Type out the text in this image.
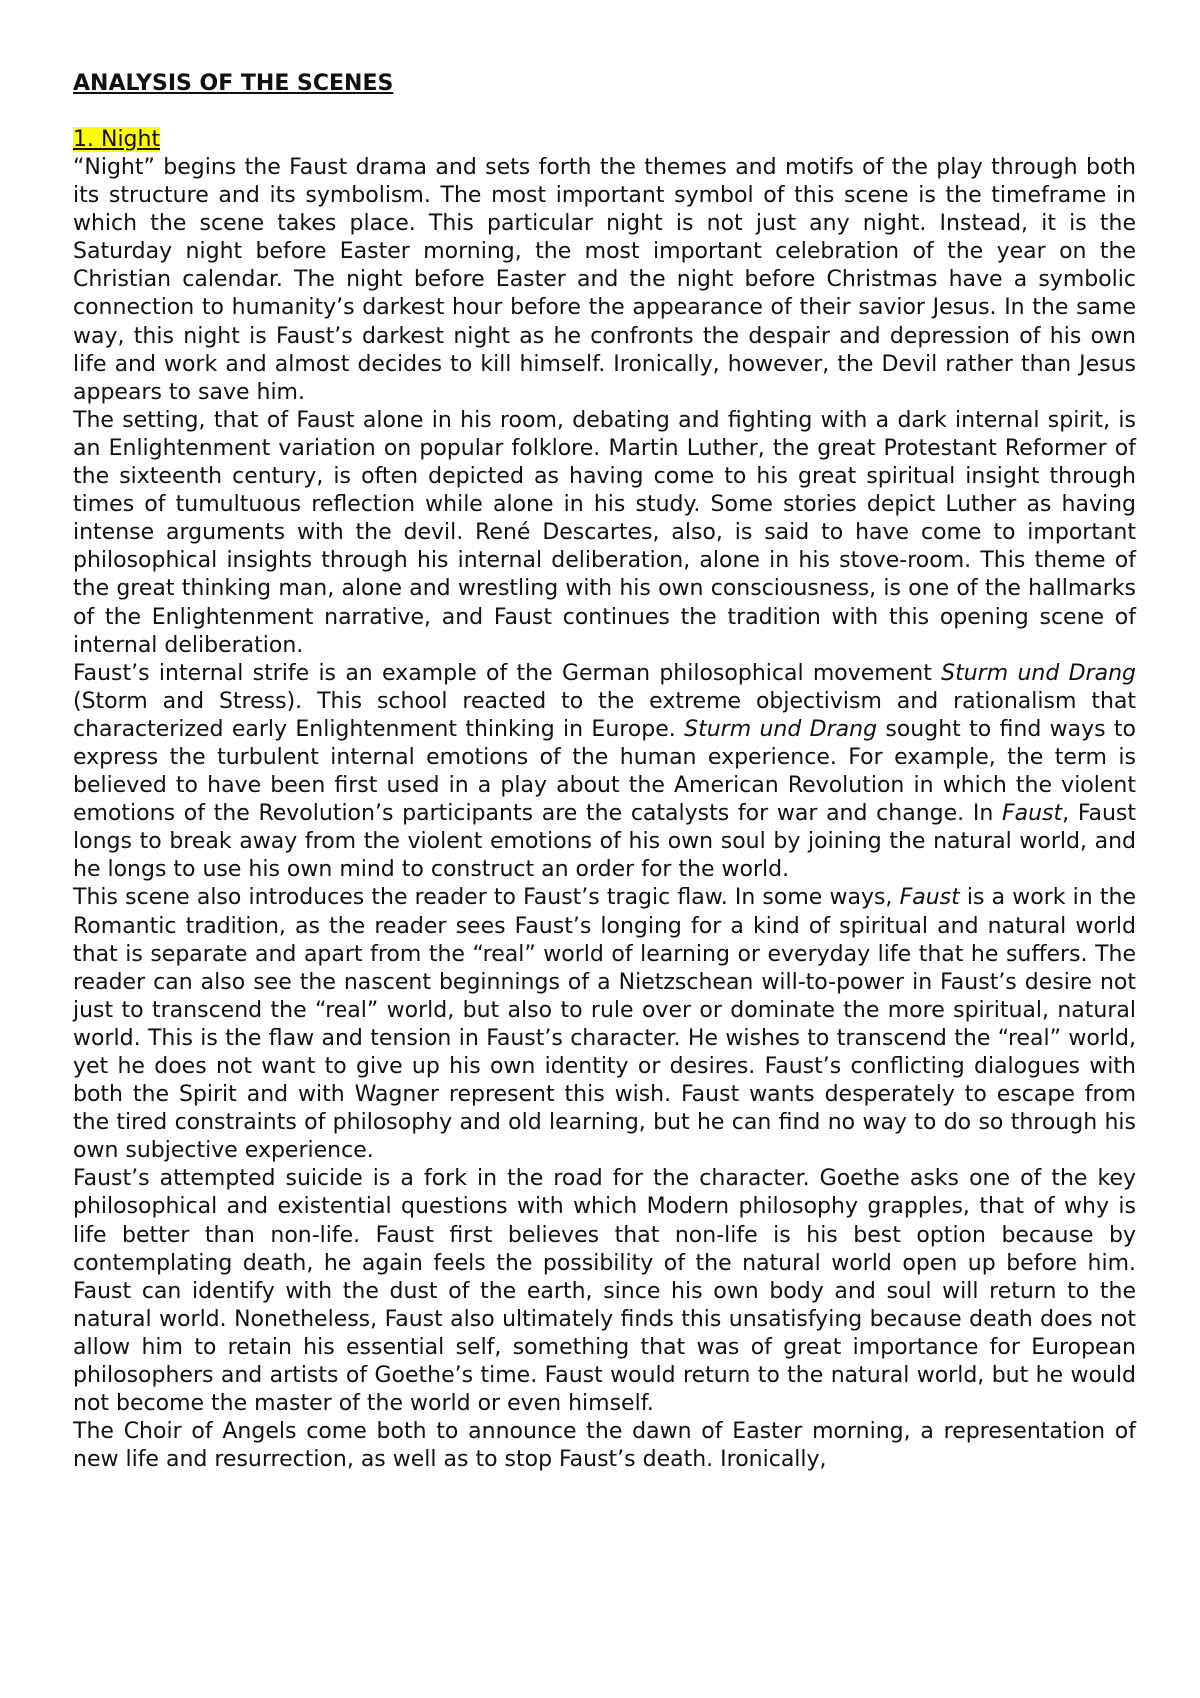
ANALYSIS OF THE SCENES
1. Night

“Night” begins the Faust drama and sets forth the themes and motifs of the play through both its structure and its symbolism. The most important symbol of this scene is the timeframe in which the scene takes place. This particular night is not just any night. Instead, it is the Saturday night before Easter morning, the most important celebration of the year on the Christian calendar. The night before Easter and the night before Christmas have a symbolic connection to humanity’s darkest hour before the appearance of their savior Jesus. In the same way, this night is Faust’s darkest night as he confronts the despair and depression of his own life and work and almost decides to kill himself. Ironically, however, the Devil rather than Jesus appears to save him.

The setting, that of Faust alone in his room, debating and fighting with a dark internal spirit, is an Enlightenment variation on popular folklore. Martin Luther, the great Protestant Reformer of the sixteenth century, is often depicted as having come to his great spiritual insight through times of tumultuous reflection while alone in his study. Some stories depict Luther as having intense arguments with the devil. René Descartes, also, is said to have come to important philosophical insights through his internal deliberation, alone in his stove-room. This theme of the great thinking man, alone and wrestling with his own consciousness, is one of the hallmarks of the Enlightenment narrative, and Faust continues the tradition with this opening scene of internal deliberation.

Faust’s internal strife is an example of the German philosophical movement Sturm und Drang (Storm and Stress). This school reacted to the extreme objectivism and rationalism that characterized early Enlightenment thinking in Europe. Sturm und Drang sought to find ways to express the turbulent internal emotions of the human experience. For example, the term is believed to have been first used in a play about the American Revolution in which the violent emotions of the Revolution’s participants are the catalysts for war and change. In Faust, Faust longs to break away from the violent emotions of his own soul by joining the natural world, and he longs to use his own mind to construct an order for the world.

This scene also introduces the reader to Faust’s tragic flaw. In some ways, Faust is a work in the Romantic tradition, as the reader sees Faust’s longing for a kind of spiritual and natural world that is separate and apart from the “real” world of learning or everyday life that he suffers. The reader can also see the nascent beginnings of a Nietzschean will-to-power in Faust’s desire not just to transcend the “real” world, but also to rule over or dominate the more spiritual, natural world. This is the flaw and tension in Faust’s character. He wishes to transcend the “real” world, yet he does not want to give up his own identity or desires. Faust’s conflicting dialogues with both the Spirit and with Wagner represent this wish. Faust wants desperately to escape from the tired constraints of philosophy and old learning, but he can find no way to do so through his own subjective experience.

Faust’s attempted suicide is a fork in the road for the character. Goethe asks one of the key philosophical and existential questions with which Modern philosophy grapples, that of why is life better than non-life. Faust first believes that non-life is his best option because by contemplating death, he again feels the possibility of the natural world open up before him. Faust can identify with the dust of the earth, since his own body and soul will return to the natural world. Nonetheless, Faust also ultimately finds this unsatisfying because death does not allow him to retain his essential self, something that was of great importance for European philosophers and artists of Goethe’s time. Faust would return to the natural world, but he would not become the master of the world or even himself.

The Choir of Angels come both to announce the dawn of Easter morning, a representation of new life and resurrection, as well as to stop Faust’s death. Ironically,
